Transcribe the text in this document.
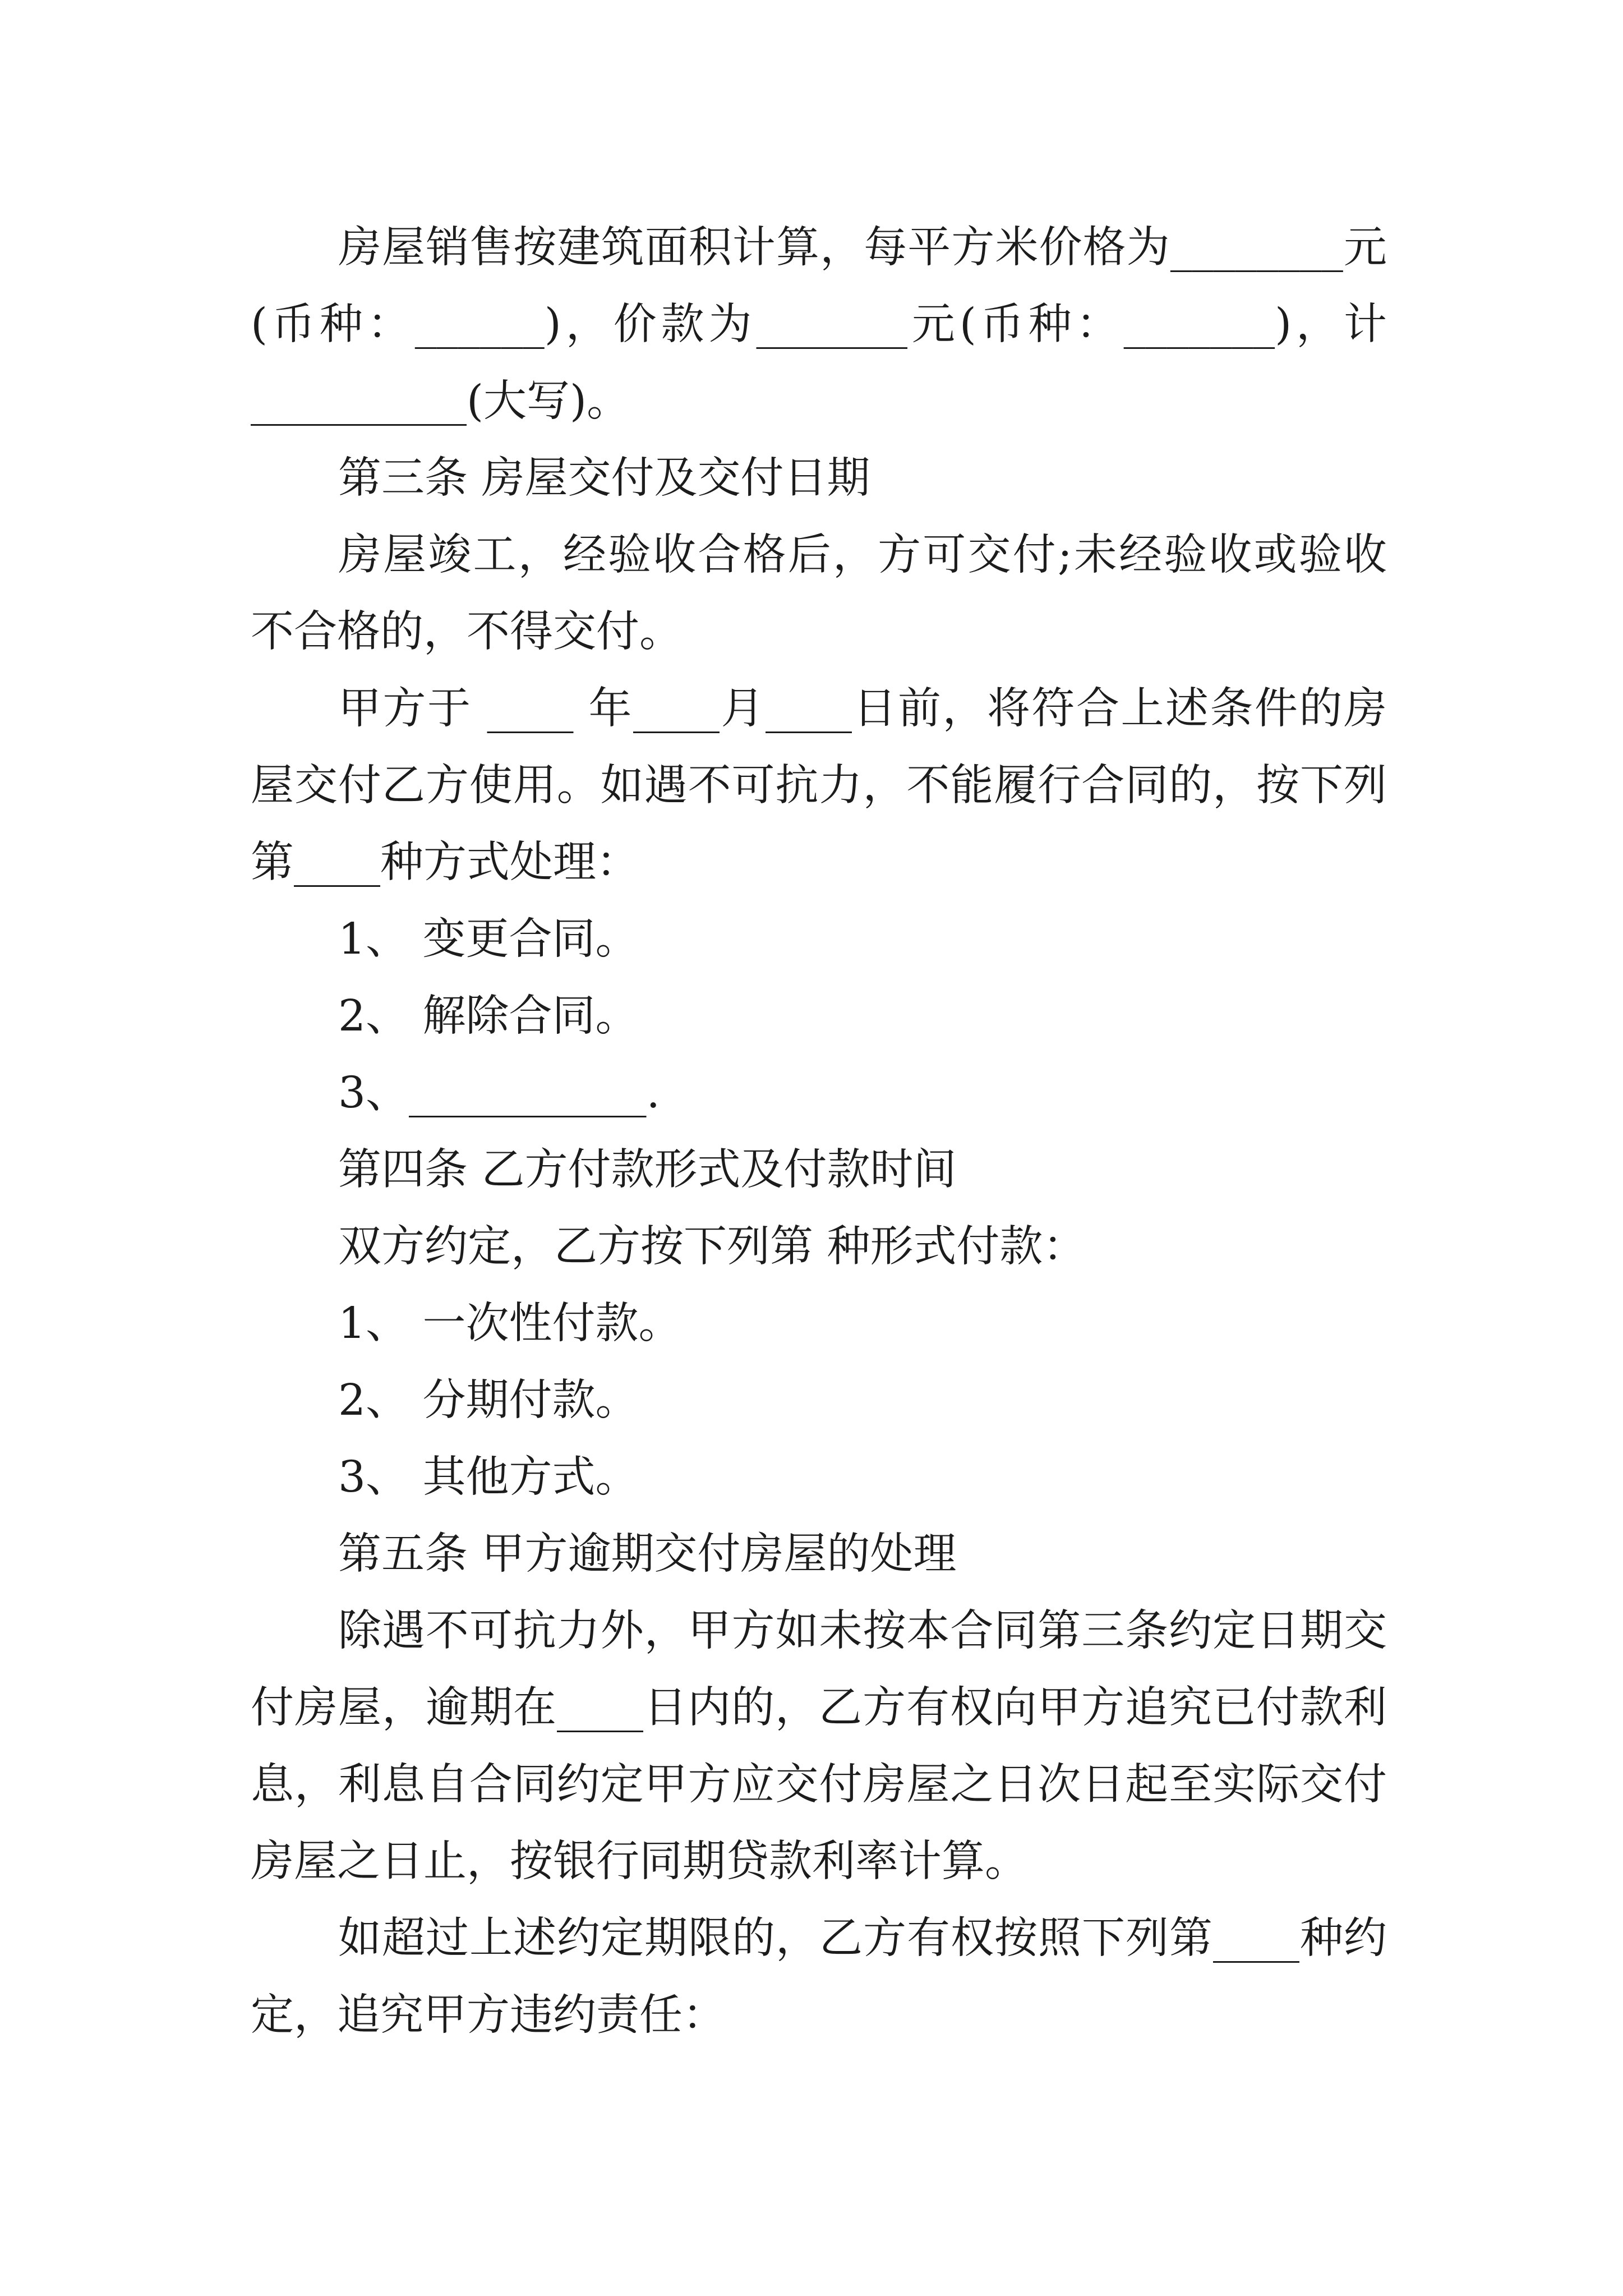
房屋销售按建筑面积计算，每平方米价格为________元
(币种：______)，价款为_______元(币种：_______)，计
__________(大写)。
第三条 房屋交付及交付日期
房屋竣工，经验收合格后，方可交付;未经验收或验收
不合格的，不得交付。
甲方于 ____ 年____月____日前，将符合上述条件的房
屋交付乙方使用。如遇不可抗力，不能履行合同的，按下列
第____种方式处理：
1、 变更合同。
2、 解除合同。
3、___________.
第四条 乙方付款形式及付款时间
双方约定，乙方按下列第 种形式付款：
1、 一次性付款。
2、 分期付款。
3、 其他方式。
第五条 甲方逾期交付房屋的处理
除遇不可抗力外，甲方如未按本合同第三条约定日期交
付房屋，逾期在____日内的，乙方有权向甲方追究已付款利
息，利息自合同约定甲方应交付房屋之日次日起至实际交付
房屋之日止，按银行同期贷款利率计算。
如超过上述约定期限的，乙方有权按照下列第____种约
定，追究甲方违约责任：
